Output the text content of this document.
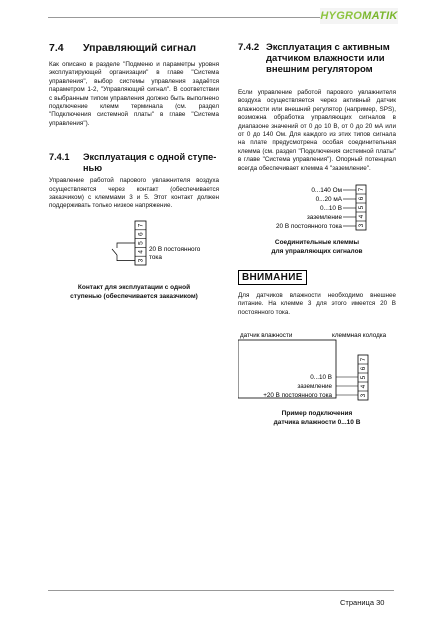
HYGROMATIK
7.4 Управляющий сигнал
Как описано в разделе "Подменю и параметры уровня эксплуатирующей организации" в главе "Система управления", выбор системы управления задаётся параметром 1-2, "Управляющий сигнал". В соответствии с выбранным типом управления должно быть выполнено подключение клемм терминала (см. раздел "Подключения системной платы" в главе "Система управления").
7.4.1 Эксплуатация с одной ступе-
нью
Управление работой парового увлажнителя воздуха осуществляется через контакт (обеспечивается заказчиком) с клеммами 3 и 5. Этот контакт должен поддерживать только низкое напряжение.
3
4
5
6
7
20 В постоянного
тока
Контакт для эксплуатации с одной
ступенью (обеспечивается заказчиком)
7.4.2 Эксплуатация с активным
датчиком влажности или
внешним регулятором
Если управление работой парового увлажнителя воздуха осуществляется через активный датчик влажности или внешний регулятор (например, SPS), возможна обработка управляющих сигналов в диапазоне значений от 0 до 10 В, от 0 до 20 мА или от 0 до 140 Ом. Для каждого из этих типов сигнала на плате предусмотрена особая соединительная клемма (см. раздел "Подключения системной платы" в главе "Система управления"). Опорный потенциал всегда обеспечивает клемма 4 "заземление".
0...140 Ом
0...20 мА
0...10 В
заземление
20 В постоянного тока 3
4
5
6
7
Соединительные клеммы
для управляющих сигналов
ВНИМАНИЕ
Для датчиков влажности необходимо внешнее питание. На клемме 3 для этого имеется 20 В постоянного тока.
датчик влажности	клеммная колодка
0...10 В
заземление
+20 В постоянного тока	3
4
5
6
7
Пример подключения
датчика влажности 0...10 В
Страница 30
